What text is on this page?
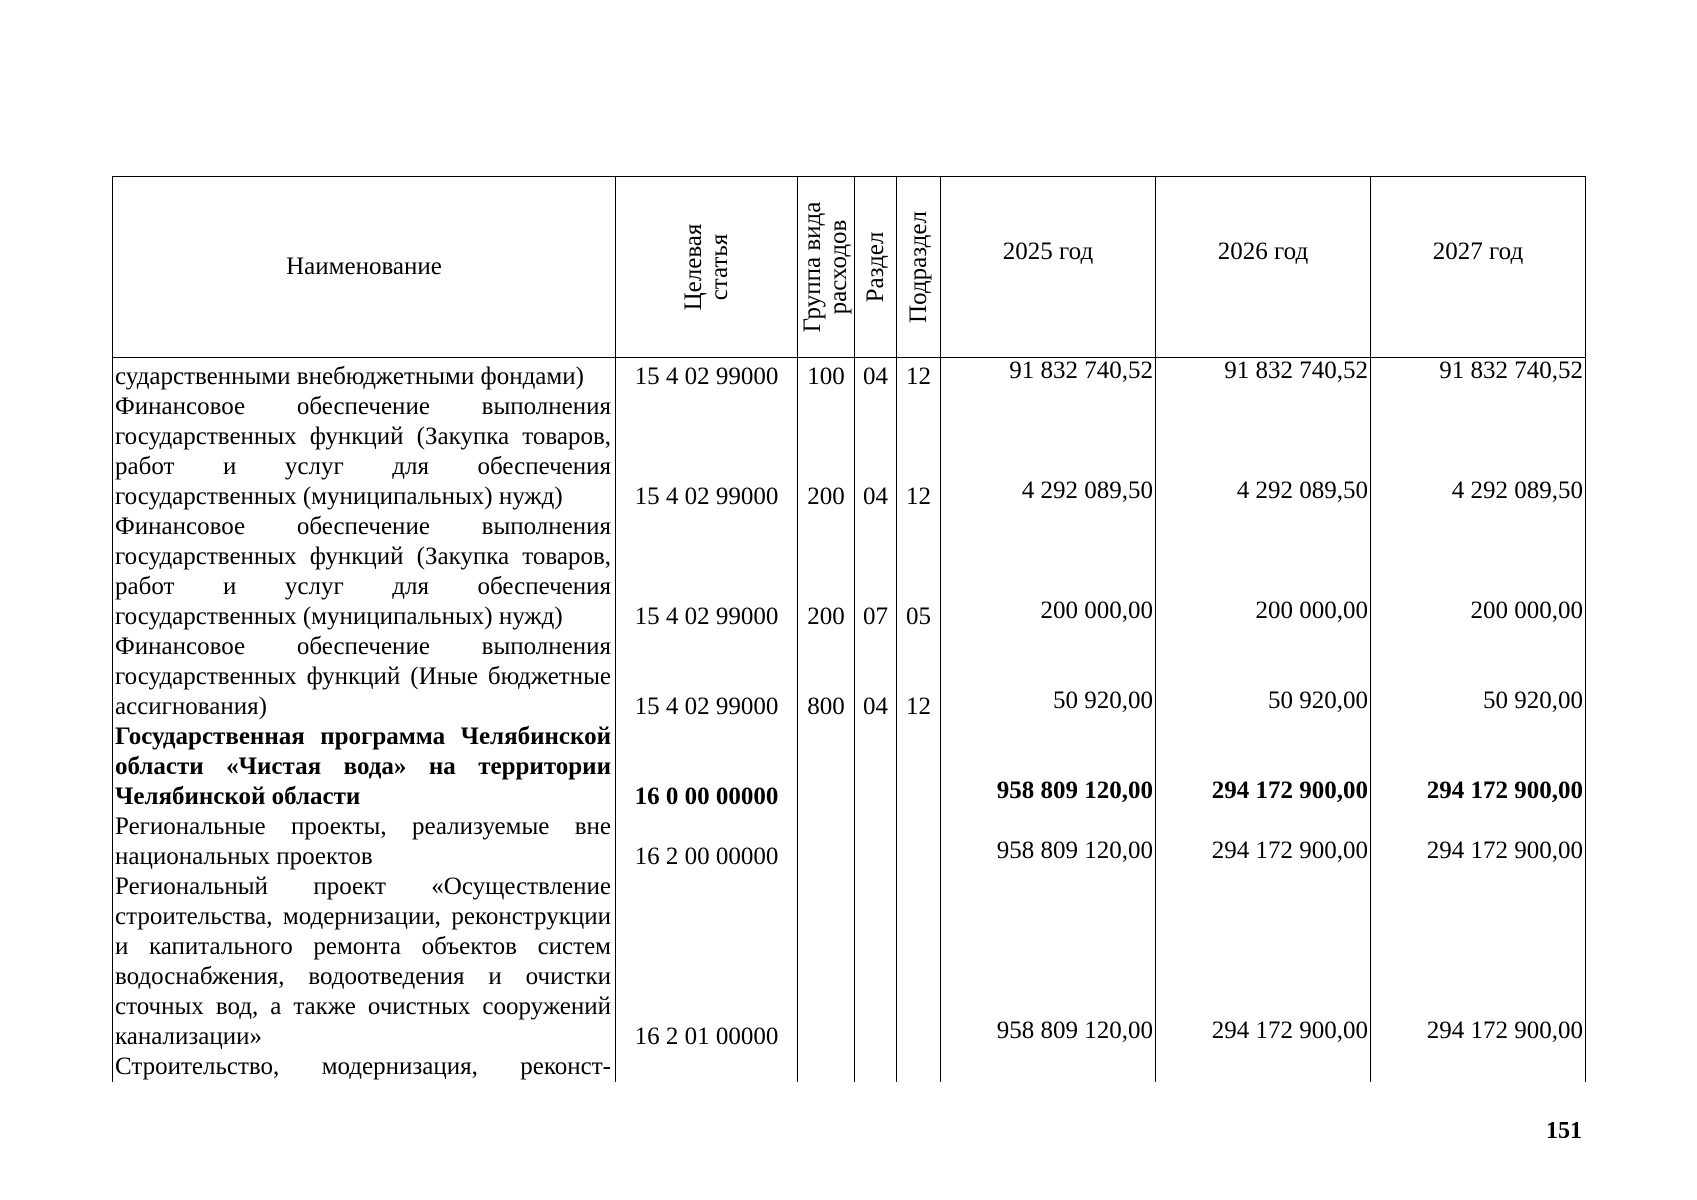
Наименование	Целевая статья	Группа вида расходов	Раздел	Подраздел	2025 год	2026 год	2027 год
сударственными внебюджетными фондами)	15 4 02 99000	100	04	12	91 832 740,52	91 832 740,52	91 832 740,52
Финансовое обеспечение выполнения государственных функций (Закупка товаров, работ и услуг для обеспечения государственных (муниципальных) нужд)	15 4 02 99000	200	04	12	4 292 089,50	4 292 089,50	4 292 089,50
Финансовое обеспечение выполнения государственных функций (Закупка товаров, работ и услуг для обеспечения государственных (муниципальных) нужд)	15 4 02 99000	200	07	05	200 000,00	200 000,00	200 000,00
Финансовое обеспечение выполнения государственных функций (Иные бюджетные ассигнования)	15 4 02 99000	800	04	12	50 920,00	50 920,00	50 920,00
Государственная программа Челябинской области «Чистая вода» на территории Челябинской области	16 0 00 00000				958 809 120,00	294 172 900,00	294 172 900,00
Региональные проекты, реализуемые вне национальных проектов	16 2 00 00000				958 809 120,00	294 172 900,00	294 172 900,00
Региональный проект «Осуществление строительства, модернизации, реконструкции и капитального ремонта объектов систем водоснабжения, водоотведения и очистки сточных вод, а также очистных сооружений канализации»	16 2 01 00000				958 809 120,00	294 172 900,00	294 172 900,00
Строительство, модернизация, реконст-							
151
